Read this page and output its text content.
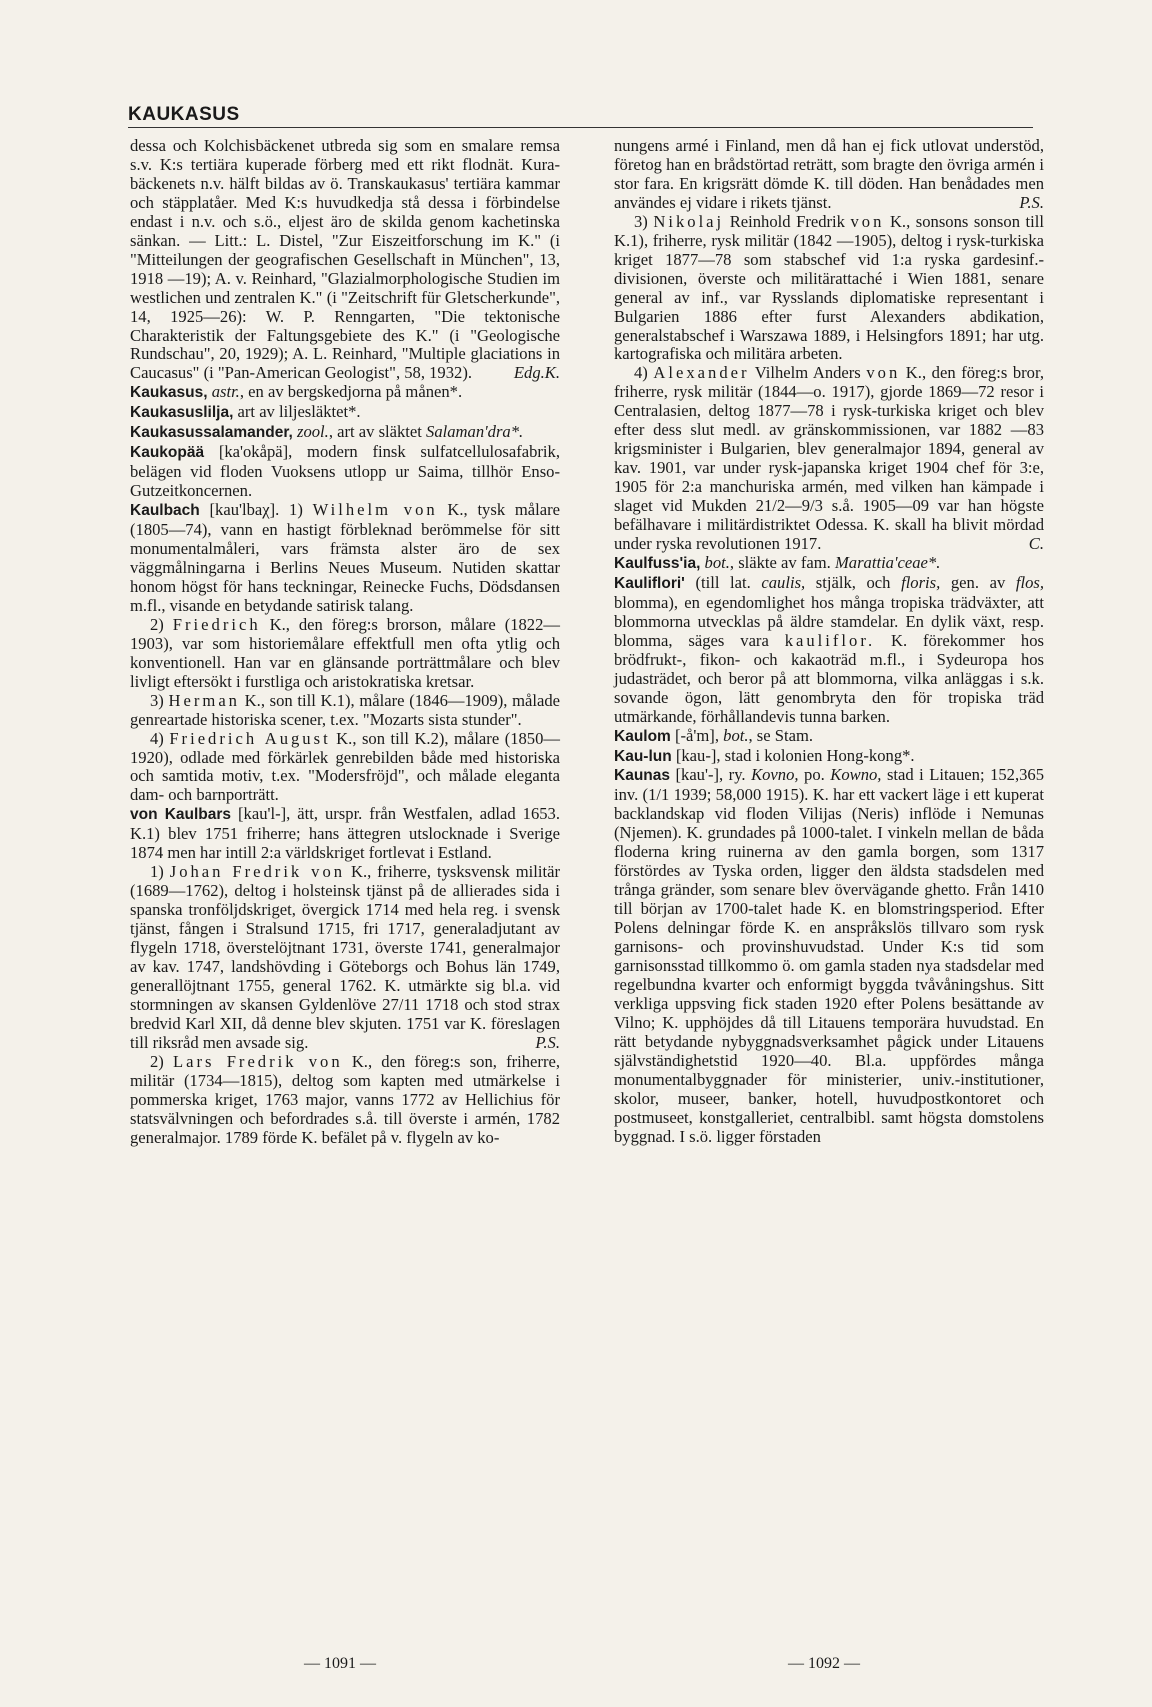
KAUKASUS

dessa och Kolchisbäckenet utbreda sig som en smalare remsa s.v. K:s tertiära kuperade förberg med ett rikt flodnät. Kura-bäckenets n.v. hälft bildas av ö. Transkaukasus' tertiära kammar och stäpplatåer. Med K:s huvudkedja stå dessa i förbindelse endast i n.v. och s.ö., eljest äro de skilda genom kachetinska sänkan. — Litt.: L. Distel, "Zur Eiszeitforschung im K." (i "Mitteilungen der geografischen Gesellschaft in München", 13, 1918 —19); A. v. Reinhard, "Glazialmorphologische Studien im westlichen und zentralen K." (i "Zeitschrift für Gletscherkunde", 14, 1925—26): W. P. Renngarten, "Die tektonische Charakteristik der Faltungsgebiete des K." (i "Geologische Rundschau", 20, 1929); A. L. Reinhard, "Multiple glaciations in Caucasus" (i "Pan-American Geologist", 58, 1932).	Edg.K.

Kaukasus, astr., en av bergskedjorna på månen*.

Kaukasuslilja, art av liljesläktet*.

Kaukasussalamander, zool., art av släktet Salaman'dra*.

Kaukopää [ka'okåpä], modern finsk sulfatcellulosafabrik, belägen vid floden Vuoksens utlopp ur Saima, tillhör Enso-Gutzeitkoncernen.

Kaulbach [kau'lbaχ]. 1) Wilhelm von K., tysk målare (1805—74), vann en hastigt förbleknad berömmelse för sitt monumentalmåleri, vars främsta alster äro de sex väggmålningarna i Berlins Neues Museum. Nutiden skattar honom högst för hans teckningar, Reinecke Fuchs, Dödsdansen m.fl., visande en betydande satirisk talang.

2) Friedrich K., den föreg:s brorson, målare (1822—1903), var som historiemålare effektfull men ofta ytlig och konventionell. Han var en glänsande porträttmålare och blev livligt eftersökt i furstliga och aristokratiska kretsar.

3) Herman K., son till K.1), målare (1846—1909), målade genreartade historiska scener, t.ex. "Mozarts sista stunder".

4) Friedrich August K., son till K.2), målare (1850—1920), odlade med förkärlek genrebilden både med historiska och samtida motiv, t.ex. "Modersfröjd", och målade eleganta dam- och barnporträtt.

von Kaulbars [kau'l-], ätt, urspr. från Westfalen, adlad 1653. K.1) blev 1751 friherre; hans ättegren utslocknade i Sverige 1874 men har intill 2:a världskriget fortlevat i Estland.

1) Johan Fredrik von K., friherre, tysksvensk militär (1689—1762), deltog i holsteinsk tjänst på de allierades sida i spanska tronföljdskriget, övergick 1714 med hela reg. i svensk tjänst, fången i Stralsund 1715, fri 1717, generaladjutant av flygeln 1718, överstelöjtnant 1731, överste 1741, generalmajor av kav. 1747, landshövding i Göteborgs och Bohus län 1749, generallöjtnant 1755, general 1762. K. utmärkte sig bl.a. vid stormningen av skansen Gyldenlöve 27/11 1718 och stod strax bredvid Karl XII, då denne blev skjuten. 1751 var K. föreslagen till riksråd men avsade sig.	P.S.

2) Lars Fredrik von K., den föreg:s son, friherre, militär (1734—1815), deltog som kapten med utmärkelse i pommerska kriget, 1763 major, vanns 1772 av Hellichius för statsvälvningen och befordrades s.å. till överste i armén, 1782 generalmajor. 1789 förde K. befälet på v. flygeln av ko-

nungens armé i Finland, men då han ej fick utlovat understöd, företog han en brådstörtad reträtt, som bragte den övriga armén i stor fara. En krigsrätt dömde K. till döden. Han benådades men användes ej vidare i rikets tjänst.	P.S.

3) Nikolaj Reinhold Fredrik von K., sonsons sonson till K.1), friherre, rysk militär (1842 —1905), deltog i rysk-turkiska kriget 1877—78 som stabschef vid 1:a ryska gardesinf.-divisionen, överste och militärattaché i Wien 1881, senare general av inf., var Rysslands diplomatiske representant i Bulgarien 1886 efter furst Alexanders abdikation, generalstabschef i Warszawa 1889, i Helsingfors 1891; har utg. kartografiska och militära arbeten.

4) Alexander Vilhelm Anders von K., den föreg:s bror, friherre, rysk militär (1844—o. 1917), gjorde 1869—72 resor i Centralasien, deltog 1877—78 i rysk-turkiska kriget och blev efter dess slut medl. av gränskommissionen, var 1882 —83 krigsminister i Bulgarien, blev generalmajor 1894, general av kav. 1901, var under rysk-japanska kriget 1904 chef för 3:e, 1905 för 2:a manchuriska armén, med vilken han kämpade i slaget vid Mukden 21/2—9/3 s.å. 1905—09 var han högste befälhavare i militärdistriktet Odessa. K. skall ha blivit mördad under ryska revolutionen 1917.	C.

Kaulfuss'ia, bot., släkte av fam. Marattia'ceae*.

Kauliflori' (till lat. caulis, stjälk, och floris, gen. av flos, blomma), en egendomlighet hos många tropiska trädväxter, att blommorna utvecklas på äldre stamdelar. En dylik växt, resp. blomma, säges vara kauliflor. K. förekommer hos brödfrukt-, fikon- och kakaoträd m.fl., i Sydeuropa hos judasträdet, och beror på att blommorna, vilka anläggas i s.k. sovande ögon, lätt genombryta den för tropiska träd utmärkande, förhållandevis tunna barken.

Kaulom [-å'm], bot., se Stam.

Kau-lun [kau-], stad i kolonien Hong-kong*.

Kaunas [kau'-], ry. Kovno, po. Kowno, stad i Litauen; 152,365 inv. (1/1 1939; 58,000 1915). K. har ett vackert läge i ett kuperat backlandskap vid floden Vilijas (Neris) inflöde i Nemunas (Njemen). K. grundades på 1000-talet. I vinkeln mellan de båda floderna kring ruinerna av den gamla borgen, som 1317 förstördes av Tyska orden, ligger den äldsta stadsdelen med trånga gränder, som senare blev övervägande ghetto. Från 1410 till början av 1700-talet hade K. en blomstringsperiod. Efter Polens delningar förde K. en anspråkslös tillvaro som rysk garnisons- och provinshuvudstad. Under K:s tid som garnisonsstad tillkommo ö. om gamla staden nya stadsdelar med regelbundna kvarter och enformigt byggda tvåvåningshus. Sitt verkliga uppsving fick staden 1920 efter Polens besättande av Vilno; K. upphöjdes då till Litauens temporära huvudstad. En rätt betydande nybyggnadsverksamhet pågick under Litauens självständighetstid 1920—40. Bl.a. uppfördes många monumentalbyggnader för ministerier, univ.-institutioner, skolor, museer, banker, hotell, huvudpostkontoret och postmuseet, konstgalleriet, centralbibl. samt högsta domstolens byggnad. I s.ö. ligger förstaden

— 1091 —	— 1092 —
